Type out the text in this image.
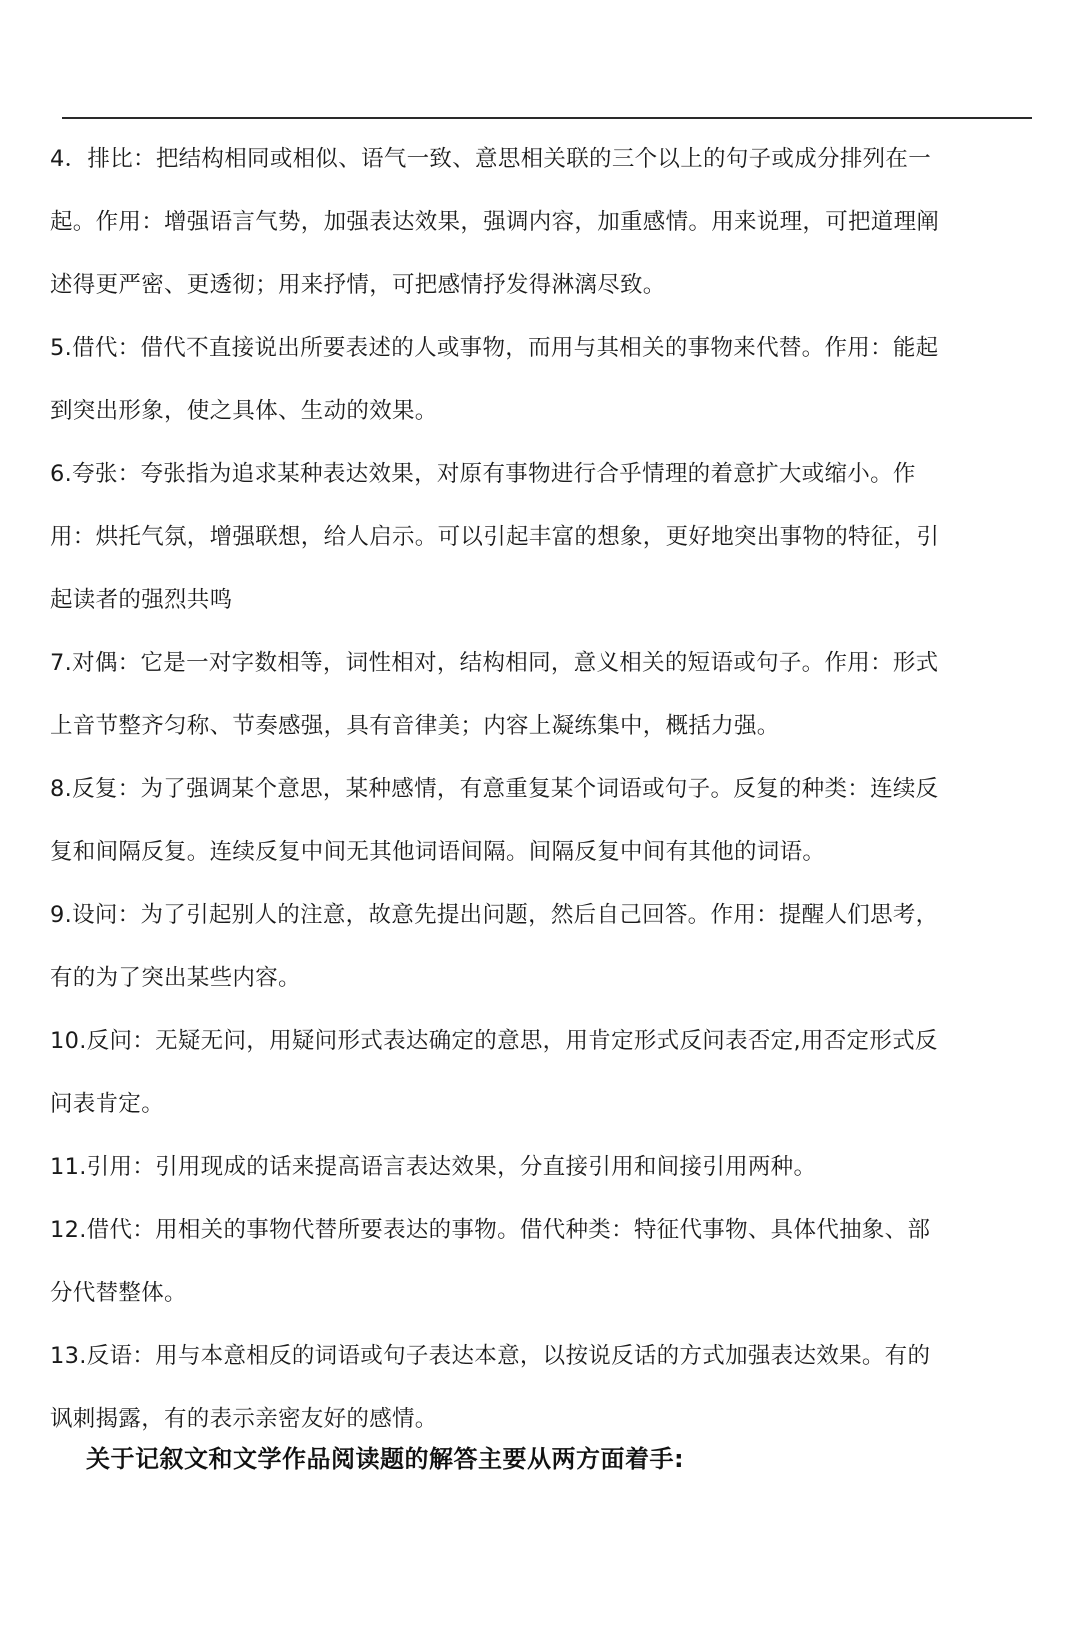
4．排比：把结构相同或相似、语气一致、意思相关联的三个以上的句子或成分排列在一起。作用：增强语言气势，加强表达效果，强调内容，加重感情。用来说理，可把道理阐述得更严密、更透彻；用来抒情，可把感情抒发得淋漓尽致。

5.借代：借代不直接说出所要表述的人或事物，而用与其相关的事物来代替。作用：能起到突出形象，使之具体、生动的效果。

6.夸张：夸张指为追求某种表达效果，对原有事物进行合乎情理的着意扩大或缩小。作用：烘托气氛，增强联想，给人启示。可以引起丰富的想象，更好地突出事物的特征，引起读者的强烈共鸣

7.对偶：它是一对字数相等，词性相对，结构相同，意义相关的短语或句子。作用：形式上音节整齐匀称、节奏感强，具有音律美；内容上凝练集中，概括力强。

8.反复：为了强调某个意思，某种感情，有意重复某个词语或句子。反复的种类：连续反复和间隔反复。连续反复中间无其他词语间隔。间隔反复中间有其他的词语。

9.设问：为了引起别人的注意，故意先提出问题，然后自己回答。作用：提醒人们思考，有的为了突出某些内容。

10.反问：无疑无问，用疑问形式表达确定的意思，用肯定形式反问表否定,用否定形式反问表肯定。

11.引用：引用现成的话来提高语言表达效果，分直接引用和间接引用两种。

12.借代：用相关的事物代替所要表达的事物。借代种类：特征代事物、具体代抽象、部分代替整体。

13.反语：用与本意相反的词语或句子表达本意，以按说反话的方式加强表达效果。有的讽刺揭露，有的表示亲密友好的感情。

关于记叙文和文学作品阅读题的解答主要从两方面着手:
